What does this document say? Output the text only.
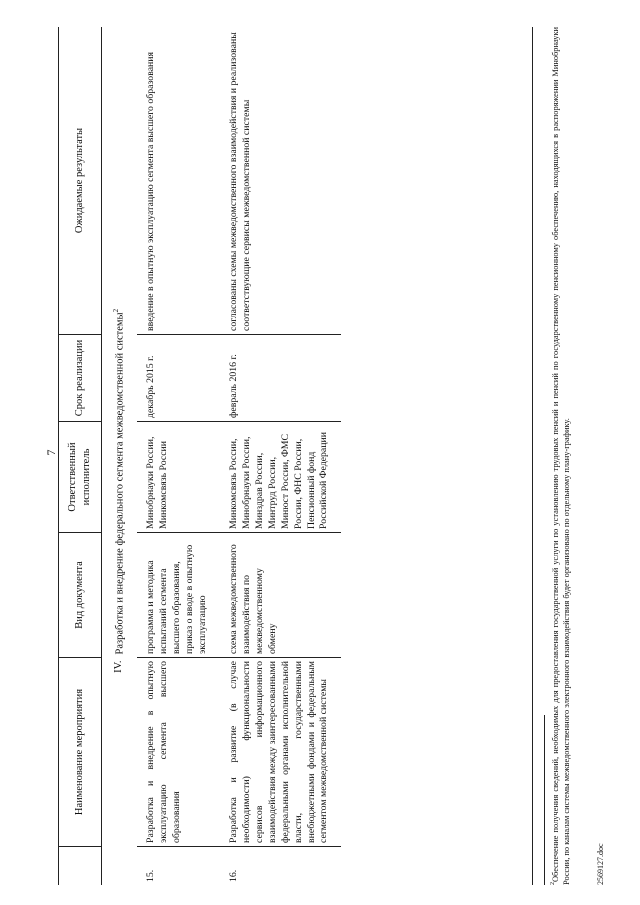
7
	Наименование мероприятия	Вид документа	Ответственный исполнитель	Срок реализации	Ожидаемые результаты
IV.		Разработка и внедрение федерального сегмента межведомственной системы$^2$
15.	Разработка и внедрение в опытную эксплуатацию сегмента высшего образования	программа и методика испытаний сегмента высшего образования, приказ о вводе в опытную эксплуатацию	Минобрнауки России, Минкомсвязь России	декабрь 2015 г.	введение в опытную эксплуатацию сегмента высшего образования
16.	Разработка и развитие (в случае необходимости) функциональности сервисов информационного взаимодействия между заинтересованными федеральными органами исполнительной власти, государственными внебюджетными фондами и федеральным сегментом межведомственной системы	схема межведомственного взаимодействия по межведомственному обмену	Минкомсвязь России, Минобрнауки России, Минздрав России, Минтруд России, Минюст России, ФМС России, ФНС России, Пенсионный фонд Российской Федерации	февраль 2016 г.	согласованы схемы межведомственного взаимодействия и реализованы соответствующие сервисы межведомственной системы
$^2$Обеспечение получения сведений, необходимых для предоставления государственной услуги по установлению трудовых пенсий и пенсий по государственному пенсионному обеспечению, находящихся в распоряжении Минобрнауки России, по каналам системы межведомственного электронного взаимодействия будет организовано по отдельному плану-графику.	2569127.doc
